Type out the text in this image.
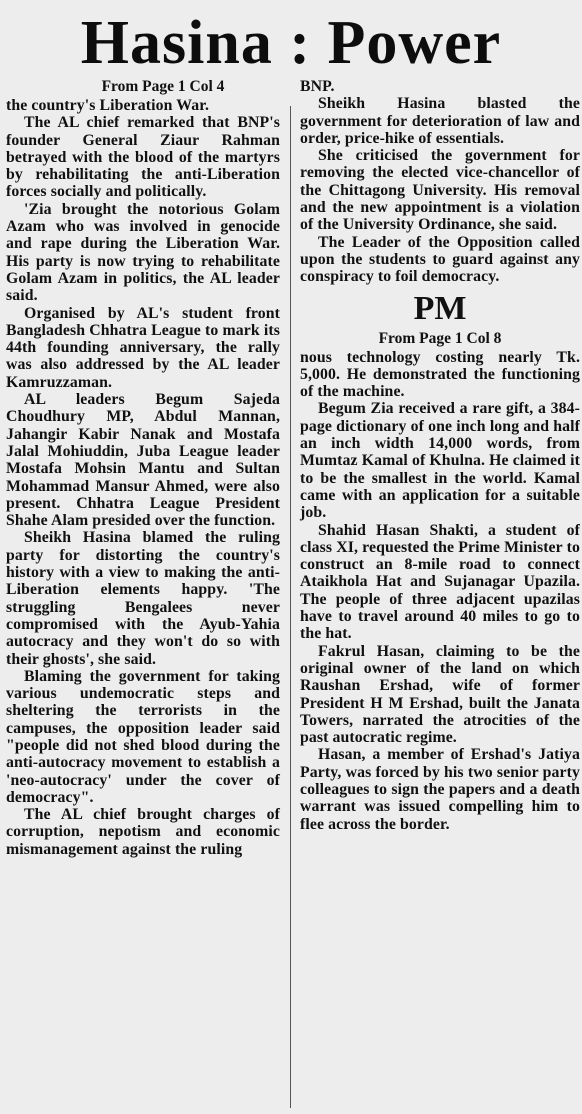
Hasina : Power

From Page 1 Col 4

the country's Liberation War.

The AL chief remarked that BNP's founder General Ziaur Rahman betrayed with the blood of the martyrs by rehabilitating the anti-Liberation forces socially and politically.

'Zia brought the notorious Golam Azam who was involved in genocide and rape during the Liberation War. His party is now trying to rehabilitate Golam Azam in politics, the AL leader said.

Organised by AL's student front Bangladesh Chhatra League to mark its 44th founding anniversary, the rally was also addressed by the AL leader Kamruzzaman.

AL leaders Begum Sajeda Choudhury MP, Abdul Mannan, Jahangir Kabir Nanak and Mostafa Jalal Mohiuddin, Juba League leader Mostafa Mohsin Mantu and Sultan Mohammad Mansur Ahmed, were also present. Chhatra League President Shahe Alam presided over the function.

Sheikh Hasina blamed the ruling party for distorting the country's history with a view to making the anti-Liberation elements happy. 'The struggling Bengalees never compromised with the Ayub-Yahia autocracy and they won't do so with their ghosts', she said.

Blaming the government for taking various undemocratic steps and sheltering the terrorists in the campuses, the opposition leader said "people did not shed blood during the anti-autocracy movement to establish a 'neo-autocracy' under the cover of democracy".

The AL chief brought charges of corruption, nepotism and economic mismanagement against the ruling

BNP.

Sheikh Hasina blasted the government for deterioration of law and order, price-hike of essentials.

She criticised the government for removing the elected vice-chancellor of the Chittagong University. His removal and the new appointment is a violation of the University Ordinance, she said.

The Leader of the Opposition called upon the students to guard against any conspiracy to foil democracy.

PM

From Page 1 Col 8

nous technology costing nearly Tk. 5,000. He demonstrated the functioning of the machine.

Begum Zia received a rare gift, a 384-page dictionary of one inch long and half an inch width 14,000 words, from Mumtaz Kamal of Khulna. He claimed it to be the smallest in the world. Kamal came with an application for a suitable job.

Shahid Hasan Shakti, a student of class XI, requested the Prime Minister to construct an 8-mile road to connect Ataikhola Hat and Sujanagar Upazila. The people of three adjacent upazilas have to travel around 40 miles to go to the hat.

Fakrul Hasan, claiming to be the original owner of the land on which Raushan Ershad, wife of former President H M Ershad, built the Janata Towers, narrated the atrocities of the past autocratic regime.

Hasan, a member of Ershad's Jatiya Party, was forced by his two senior party colleagues to sign the papers and a death warrant was issued compelling him to flee across the border.
